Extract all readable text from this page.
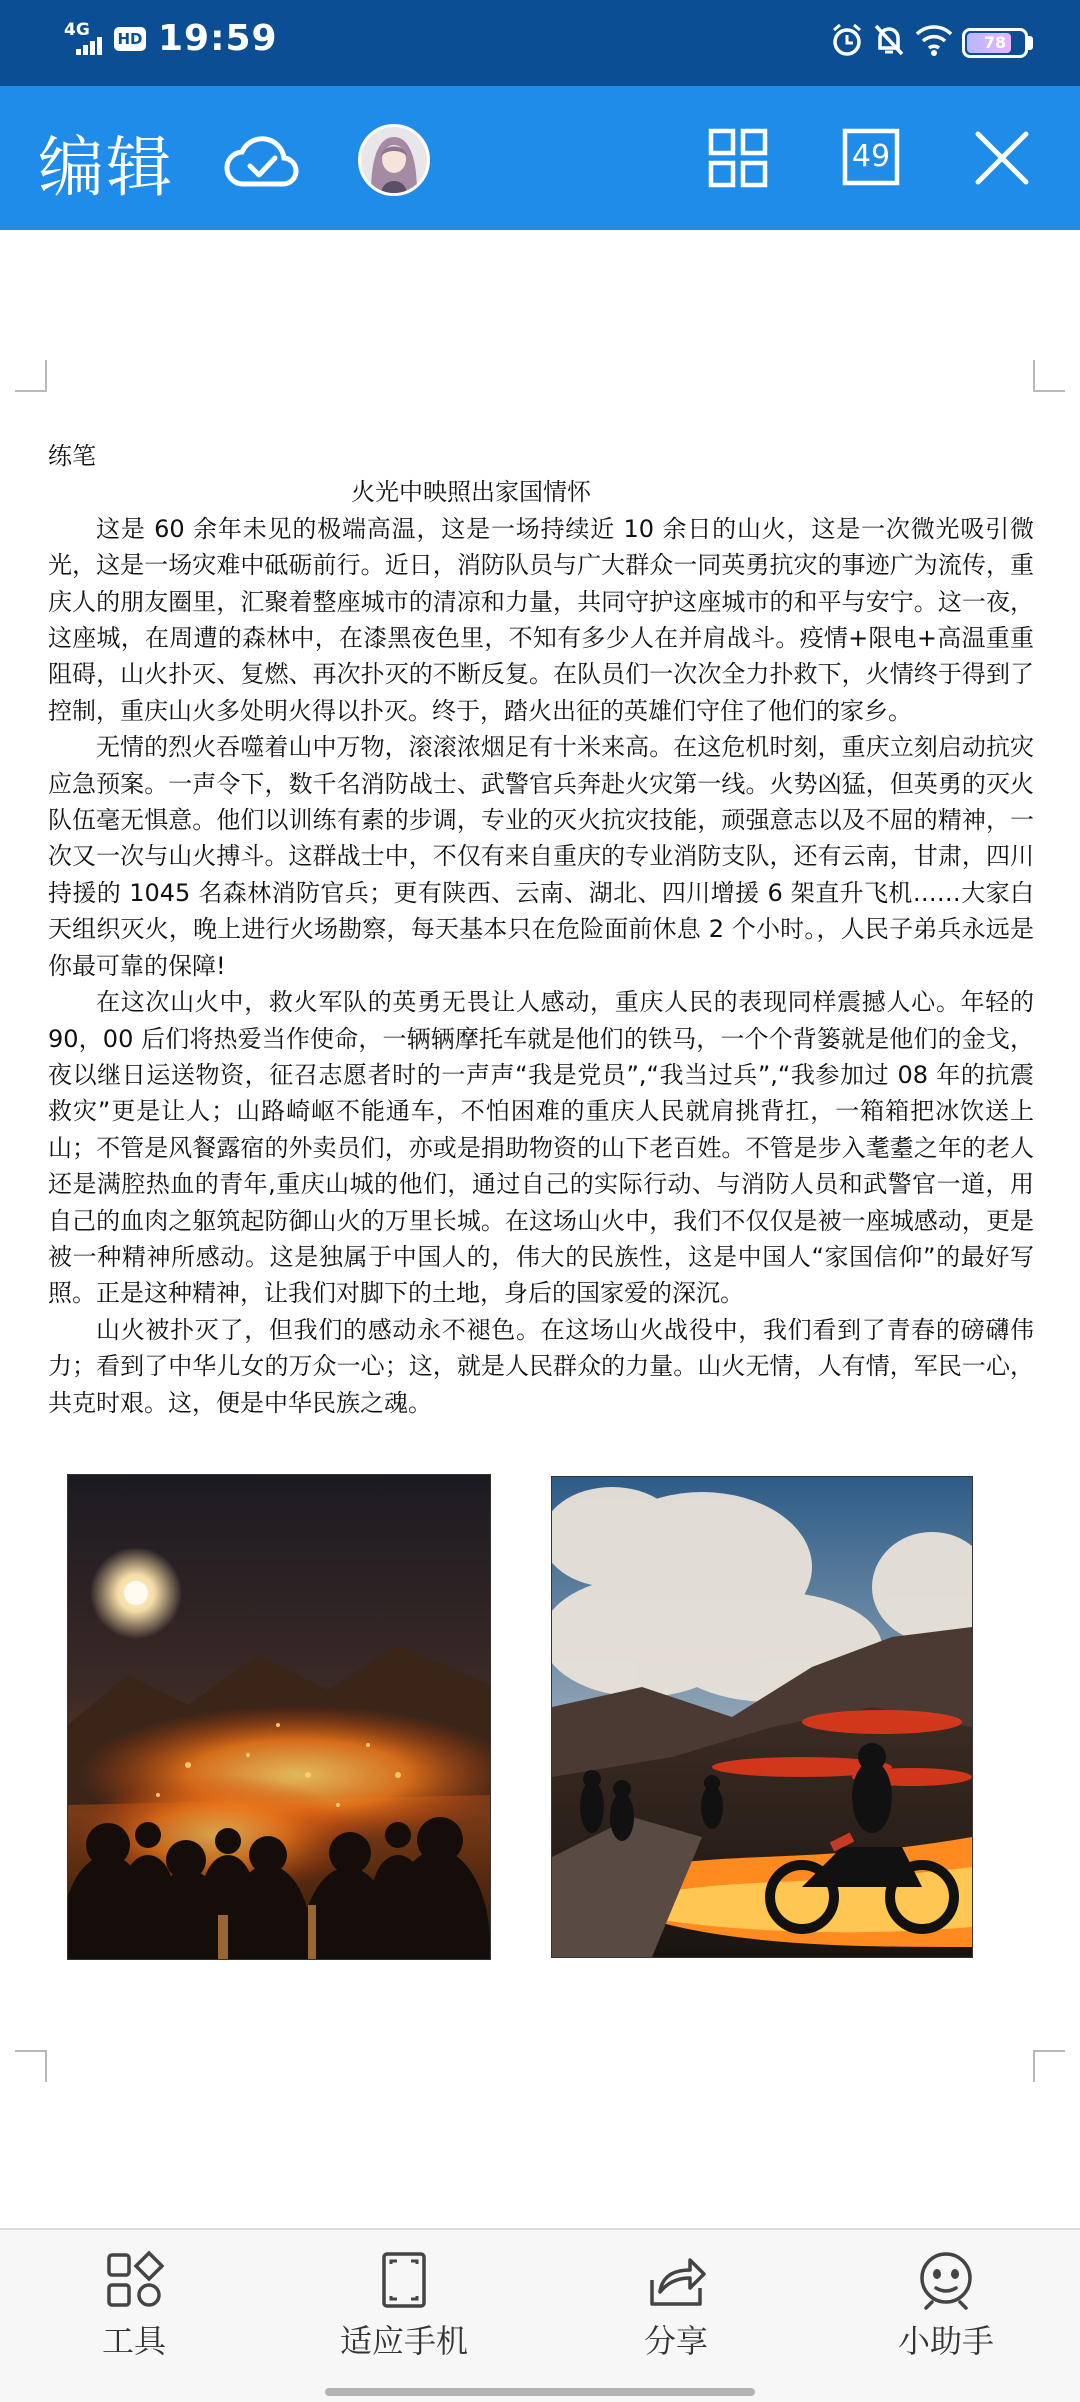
4G HD 19:59	78
编辑	49

练笔

火光中映照出家国情怀

这是 60 余年未见的极端高温，这是一场持续近 10 余日的山火，这是一次微光吸引微光，这是一场灾难中砥砺前行。近日，消防队员与广大群众一同英勇抗灾的事迹广为流传，重庆人的朋友圈里，汇聚着整座城市的清凉和力量，共同守护这座城市的和平与安宁。这一夜，这座城，在周遭的森林中，在漆黑夜色里，不知有多少人在并肩战斗。疫情+限电+高温重重阻碍，山火扑灭、复燃、再次扑灭的不断反复。在队员们一次次全力扑救下，火情终于得到了控制，重庆山火多处明火得以扑灭。终于，踏火出征的英雄们守住了他们的家乡。

无情的烈火吞噬着山中万物，滚滚浓烟足有十米来高。在这危机时刻，重庆立刻启动抗灾应急预案。一声令下，数千名消防战士、武警官兵奔赴火灾第一线。火势凶猛，但英勇的灭火队伍毫无惧意。他们以训练有素的步调，专业的灭火抗灾技能，顽强意志以及不屈的精神，一次又一次与山火搏斗。这群战士中，不仅有来自重庆的专业消防支队，还有云南，甘肃，四川持援的 1045 名森林消防官兵；更有陕西、云南、湖北、四川增援 6 架直升飞机……大家白天组织灭火，晚上进行火场勘察，每天基本只在危险面前休息 2 个小时。，人民子弟兵永远是你最可靠的保障!

在这次山火中，救火军队的英勇无畏让人感动，重庆人民的表现同样震撼人心。年轻的 90，00 后们将热爱当作使命，一辆辆摩托车就是他们的铁马，一个个背篓就是他们的金戈，夜以继日运送物资，征召志愿者时的一声声“我是党员”,“我当过兵”,“我参加过 08 年的抗震救灾”更是让人；山路崎岖不能通车，不怕困难的重庆人民就肩挑背扛，一箱箱把冰饮送上山；不管是风餐露宿的外卖员们，亦或是捐助物资的山下老百姓。不管是步入耄耋之年的老人还是满腔热血的青年,重庆山城的他们，通过自己的实际行动、与消防人员和武警官一道，用自己的血肉之躯筑起防御山火的万里长城。在这场山火中，我们不仅仅是被一座城感动，更是被一种精神所感动。这是独属于中国人的，伟大的民族性，这是中国人“家国信仰”的最好写照。正是这种精神，让我们对脚下的土地，身后的国家爱的深沉。

山火被扑灭了，但我们的感动永不褪色。在这场山火战役中，我们看到了青春的磅礴伟力；看到了中华儿女的万众一心；这，就是人民群众的力量。山火无情，人有情，军民一心，共克时艰。这，便是中华民族之魂。

工具	适应手机	分享	小助手
